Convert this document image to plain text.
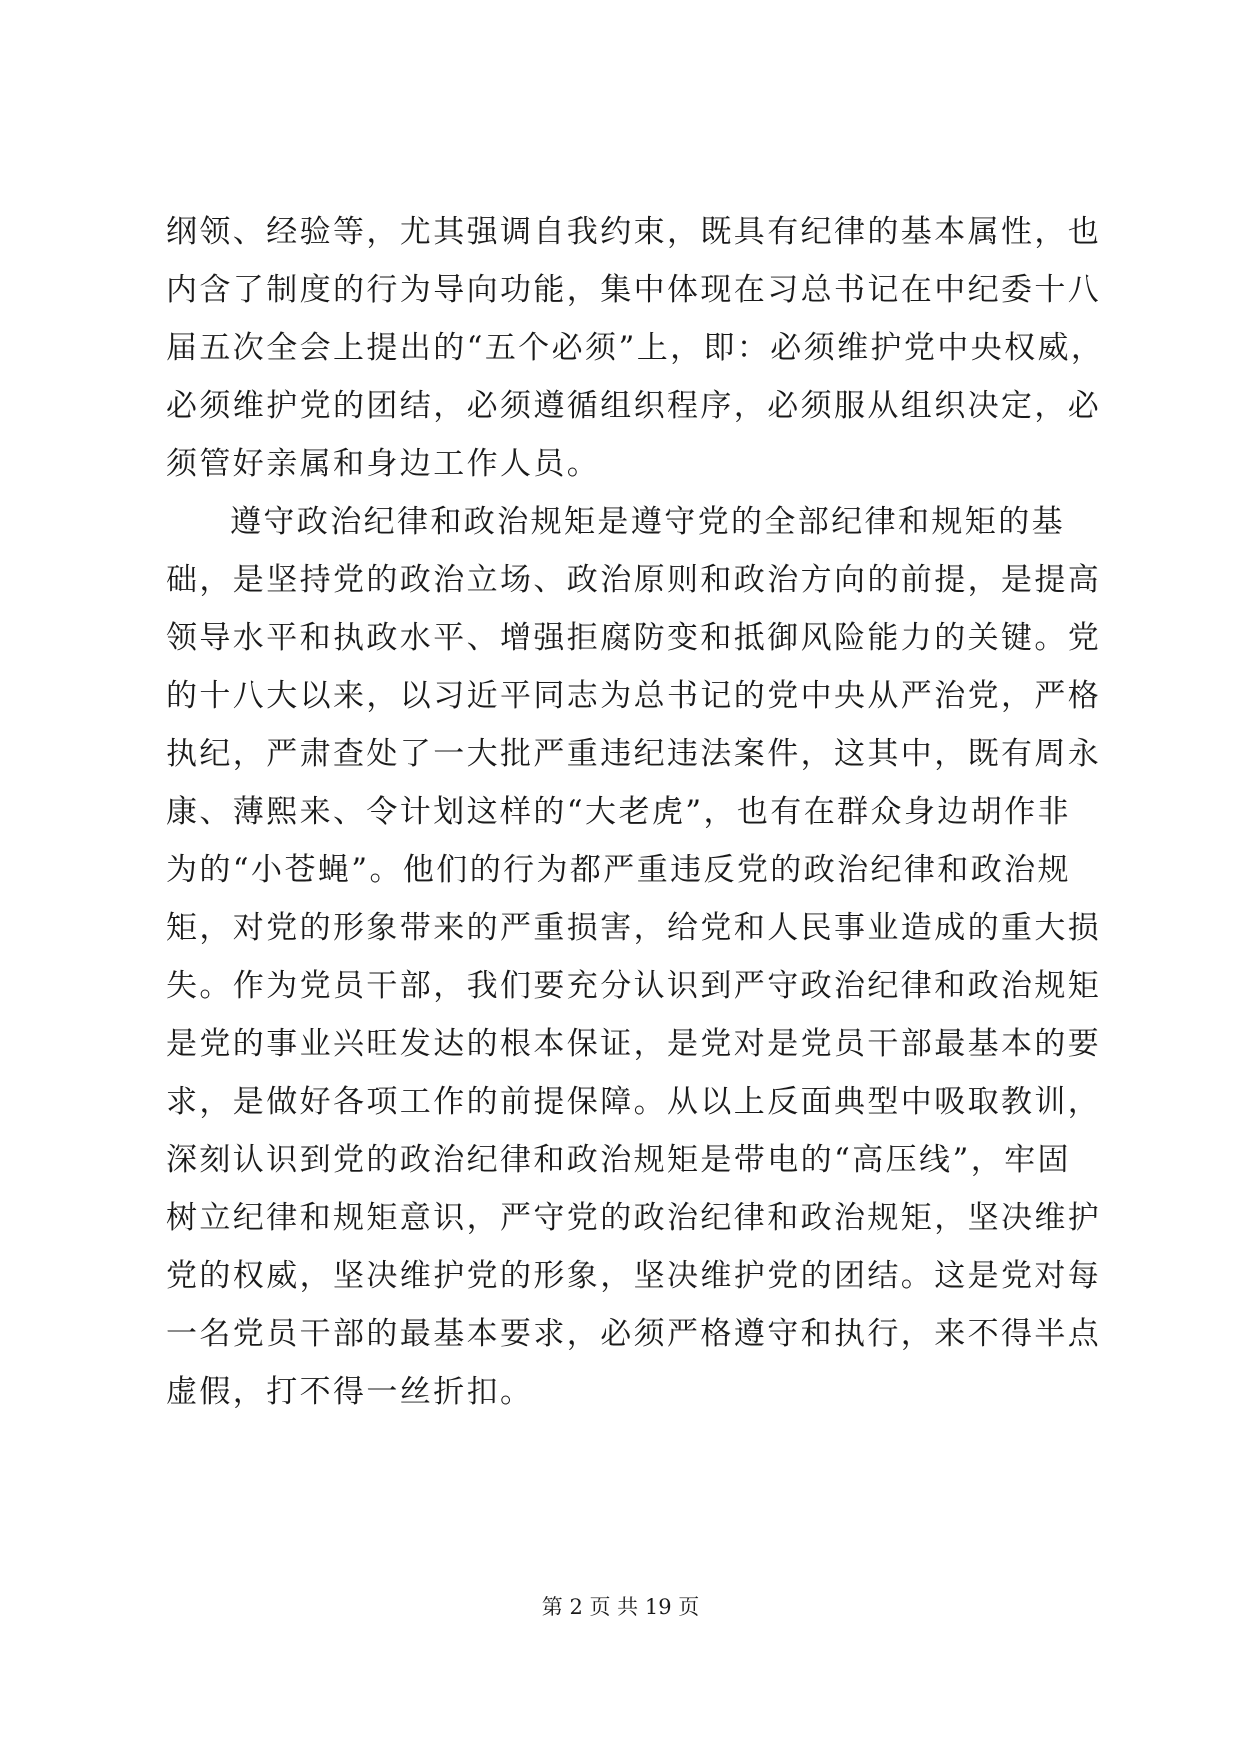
纲领、经验等，尤其强调自我约束，既具有纪律的基本属性，也
内含了制度的行为导向功能，集中体现在习总书记在中纪委十八
届五次全会上提出的“五个必须”上，即：必须维护党中央权威，
必须维护党的团结，必须遵循组织程序，必须服从组织决定，必
须管好亲属和身边工作人员。
遵守政治纪律和政治规矩是遵守党的全部纪律和规矩的基
础，是坚持党的政治立场、政治原则和政治方向的前提，是提高
领导水平和执政水平、增强拒腐防变和抵御风险能力的关键。党
的十八大以来，以习近平同志为总书记的党中央从严治党，严格
执纪，严肃查处了一大批严重违纪违法案件，这其中，既有周永
康、薄熙来、令计划这样的“大老虎”，也有在群众身边胡作非
为的“小苍蝇”。他们的行为都严重违反党的政治纪律和政治规
矩，对党的形象带来的严重损害，给党和人民事业造成的重大损
失。作为党员干部，我们要充分认识到严守政治纪律和政治规矩
是党的事业兴旺发达的根本保证，是党对是党员干部最基本的要
求，是做好各项工作的前提保障。从以上反面典型中吸取教训，
深刻认识到党的政治纪律和政治规矩是带电的“高压线”，牢固
树立纪律和规矩意识，严守党的政治纪律和政治规矩，坚决维护
党的权威，坚决维护党的形象，坚决维护党的团结。这是党对每
一名党员干部的最基本要求，必须严格遵守和执行，来不得半点
虚假，打不得一丝折扣。
第 2 页 共 19 页
